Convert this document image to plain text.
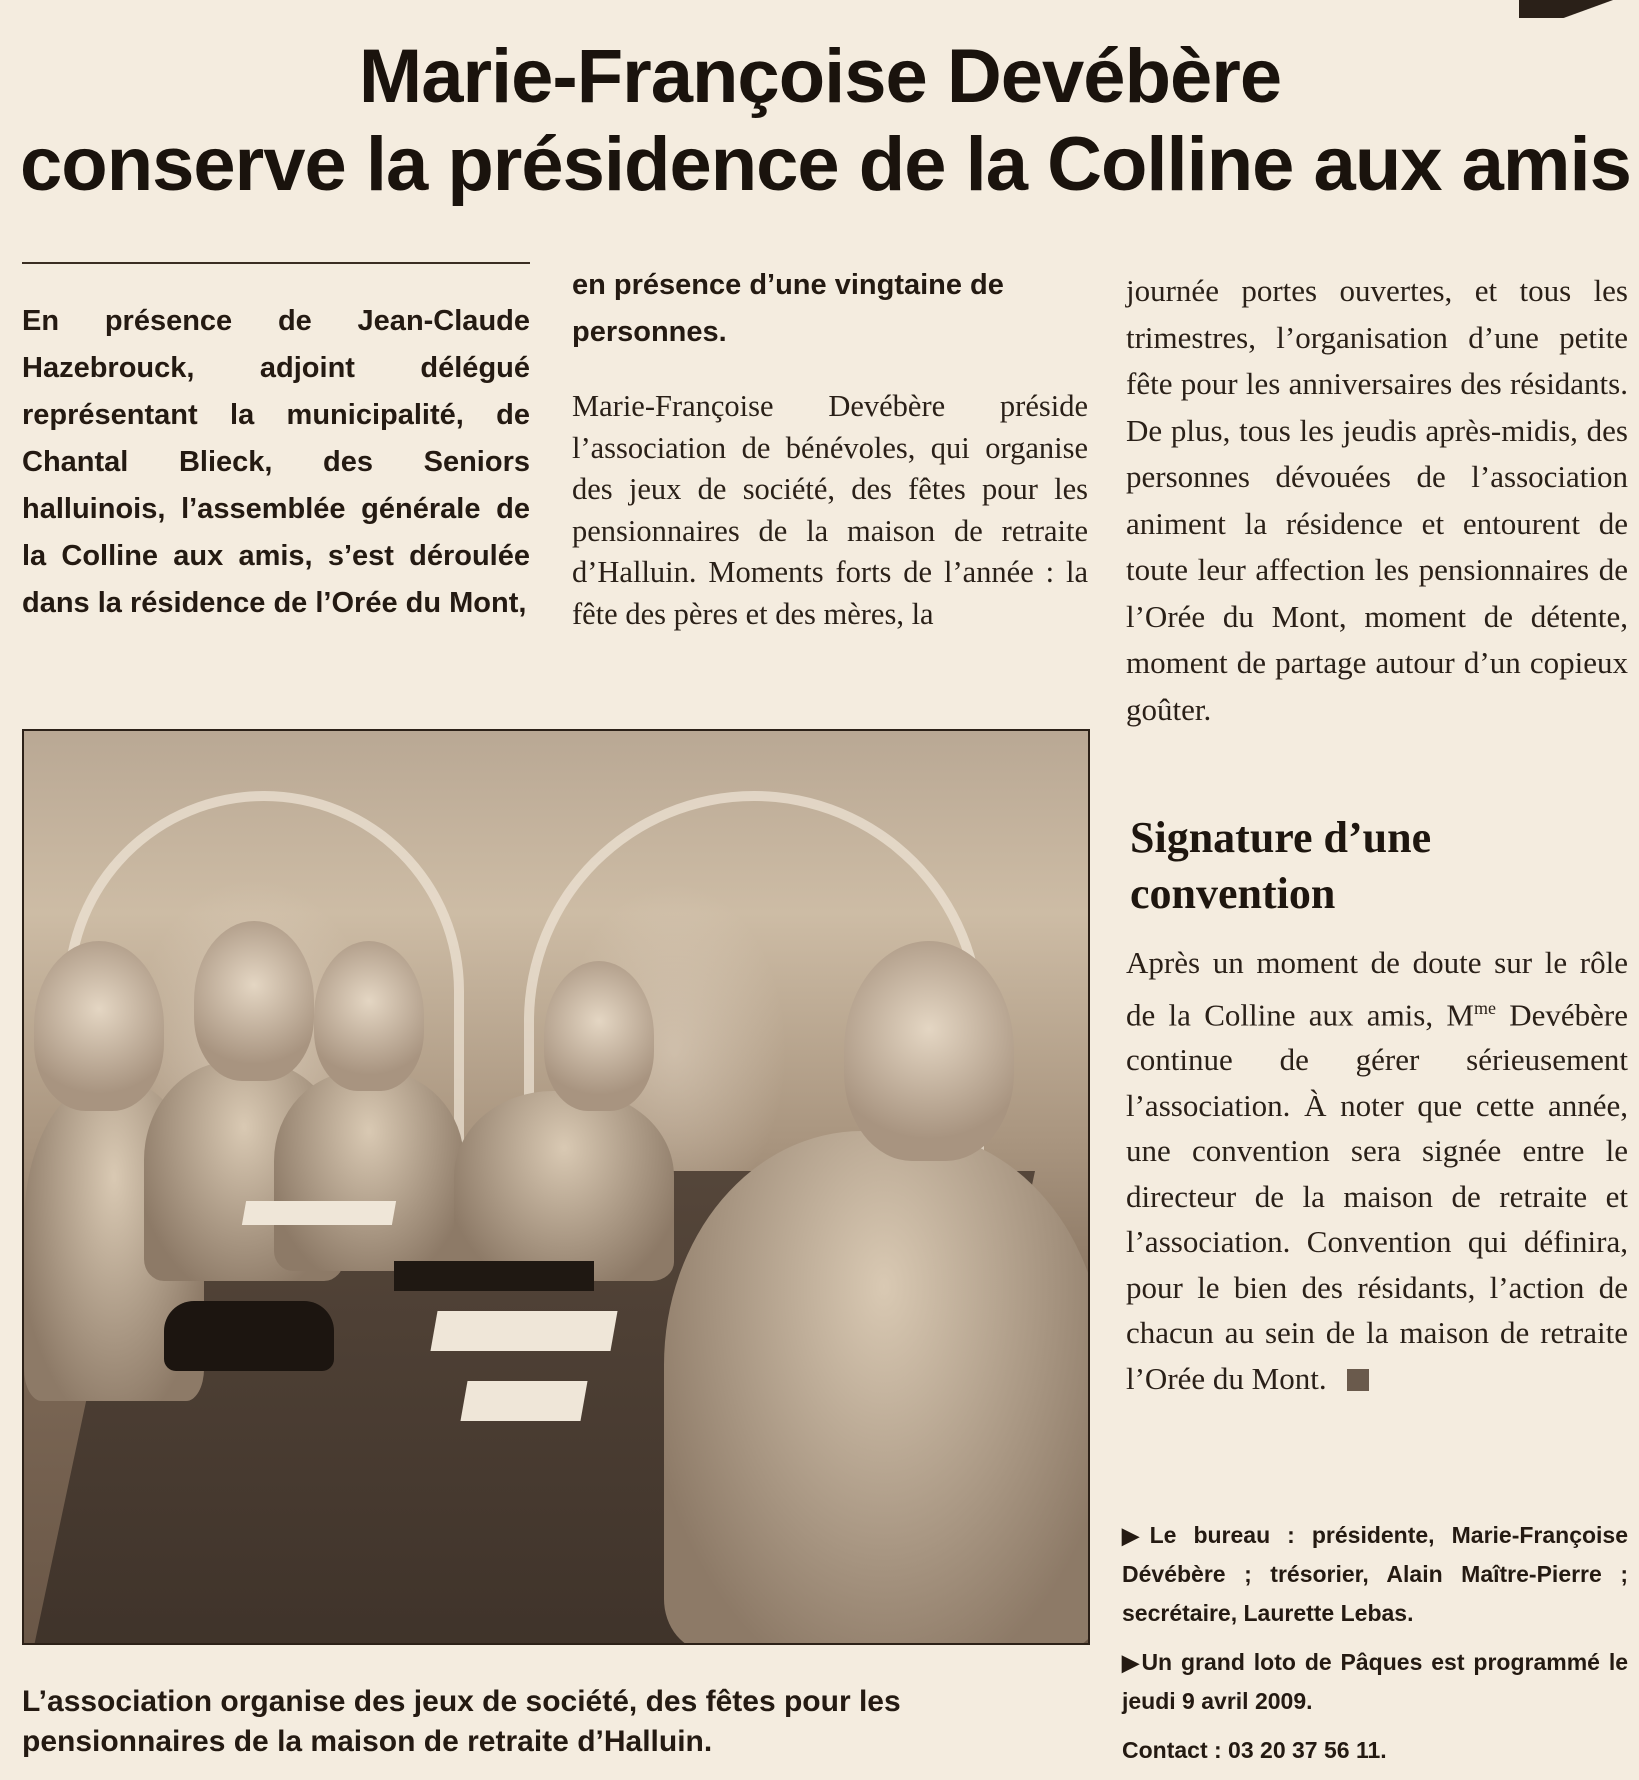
Marie-Françoise Devébère
conserve la présidence de la Colline aux amis
En présence de Jean-Claude Hazebrouck, adjoint délégué représentant la municipalité, de Chantal Blieck, des Seniors halluinois, l’assemblée générale de la Colline aux amis, s’est déroulée dans la résidence de l’Orée du Mont,
en présence d’une vingtaine de personnes.
Marie-Françoise Devébère préside l’association de bénévoles, qui organise des jeux de société, des fêtes pour les pensionnaires de la maison de retraite d’Halluin. Moments forts de l’année : la fête des pères et des mères, la
journée portes ouvertes, et tous les trimestres, l’organisation d’une petite fête pour les anniversaires des résidants. De plus, tous les jeudis après-midis, des personnes dévouées de l’association animent la résidence et entourent de toute leur affection les pensionnaires de l’Orée du Mont, moment de détente, moment de partage autour d’un copieux goûter.
Signature d’une convention
Après un moment de doute sur le rôle de la Colline aux amis, $M^{me}$ Devébère continue de gérer sérieusement l’association. À noter que cette année, une convention sera signée entre le directeur de la maison de retraite et l’association. Convention qui définira, pour le bien des résidants, l’action de chacun au sein de la maison de retraite l’Orée du Mont.

▶Le bureau : présidente, Marie-Françoise Dévébère ; trésorier, Alain Maître-Pierre ; secrétaire, Laurette Lebas.

▶Un grand loto de Pâques est programmé le jeudi 9 avril 2009.

Contact : 03 20 37 56 11.

L’association organise des jeux de société, des fêtes pour les pensionnaires de la maison de retraite d’Halluin.
